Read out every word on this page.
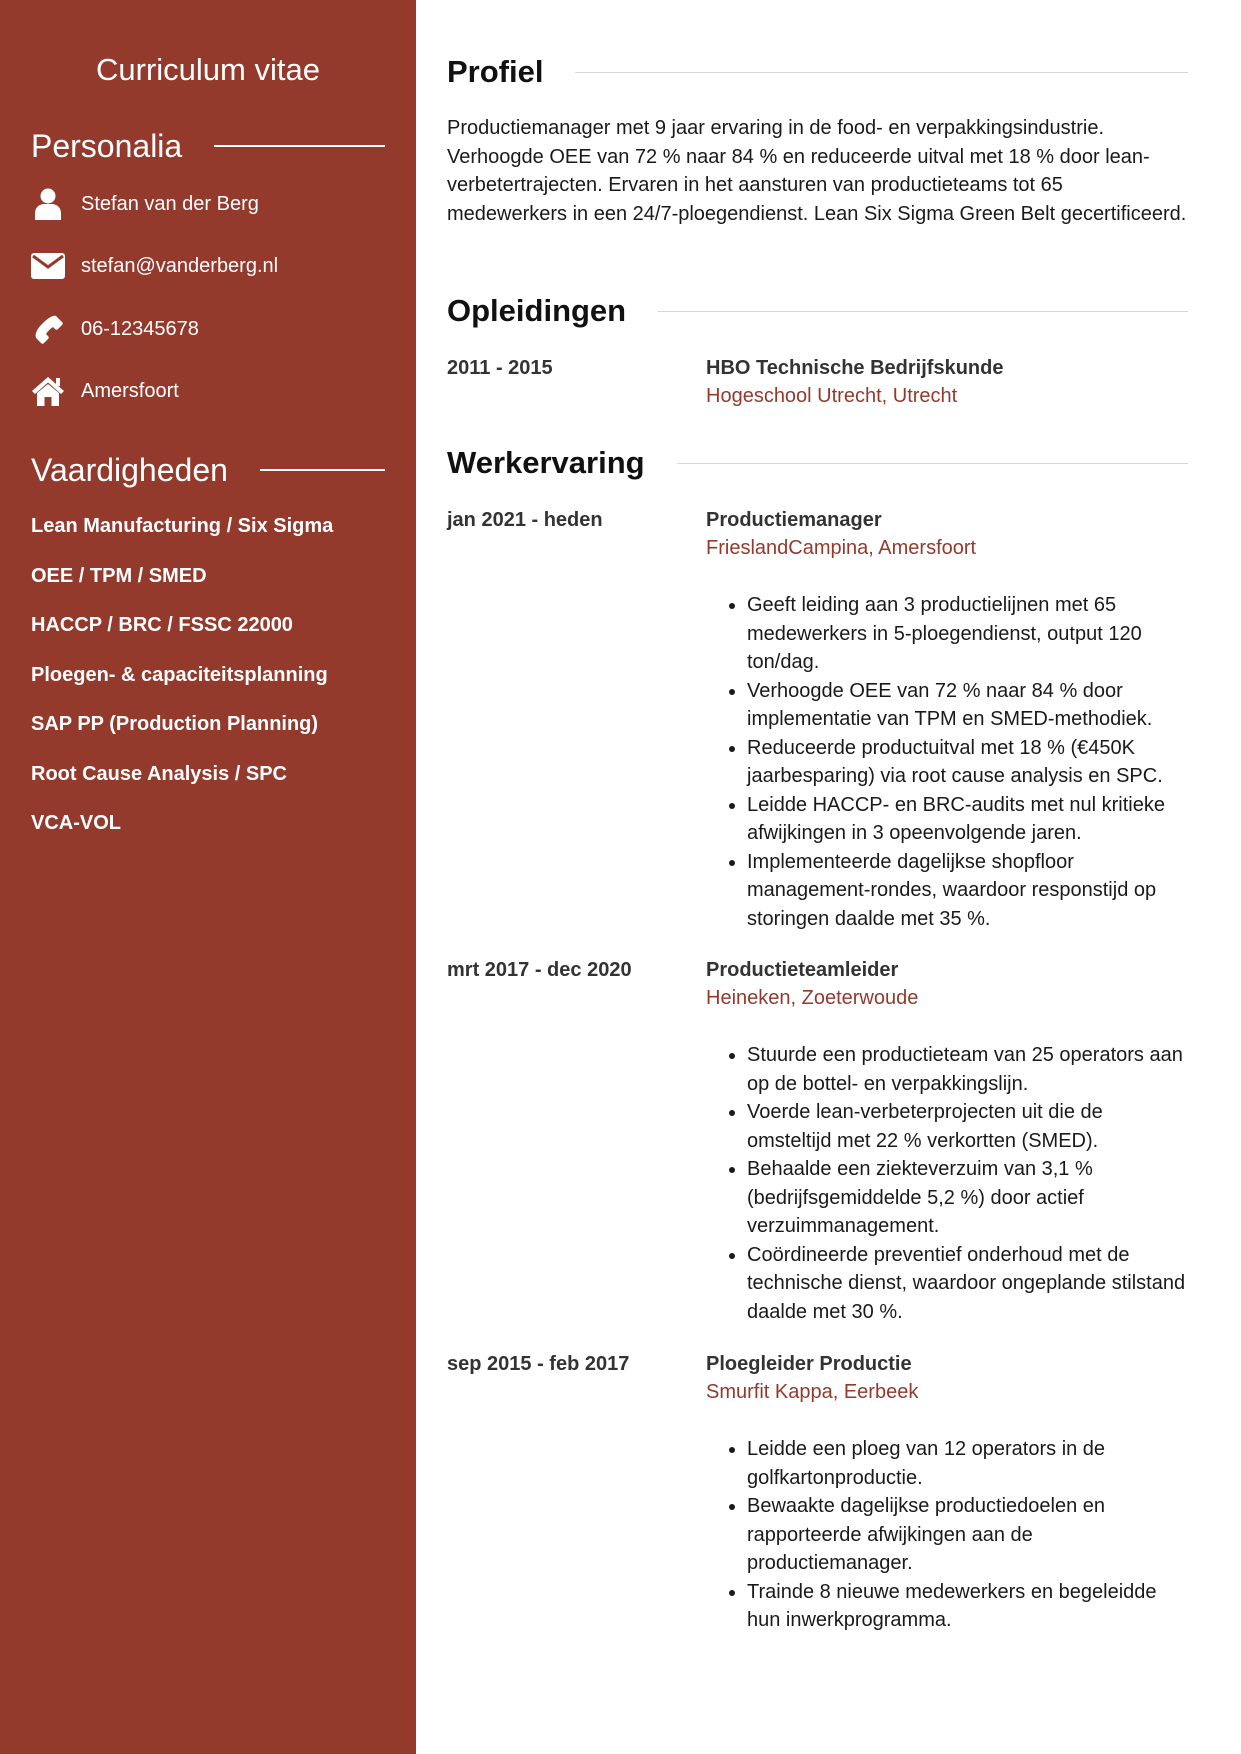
Curriculum vitae
Personalia
Stefan van der Berg
stefan@vanderberg.nl
06-12345678
Amersfoort
Vaardigheden
Lean Manufacturing / Six Sigma
OEE / TPM / SMED
HACCP / BRC / FSSC 22000
Ploegen- & capaciteitsplanning
SAP PP (Production Planning)
Root Cause Analysis / SPC
VCA-VOL
Profiel

Productiemanager met 9 jaar ervaring in de food- en verpakkingsindustrie. Verhoogde OEE van 72 % naar 84 % en reduceerde uitval met 18 % door lean-verbetertrajecten. Ervaren in het aansturen van productieteams tot 65 medewerkers in een 24/7-ploegendienst. Lean Six Sigma Green Belt gecertificeerd.

Opleidingen
2011 - 2015	HBO Technische Bedrijfskunde
Hogeschool Utrecht, Utrecht
Werkervaring
jan 2021 - heden	Productiemanager
FrieslandCampina, Amersfoort
• Geeft leiding aan 3 productielijnen met 65 medewerkers in 5-ploegendienst, output 120 ton/dag.
• Verhoogde OEE van 72 % naar 84 % door implementatie van TPM en SMED-methodiek.
• Reduceerde productuitval met 18 % (€450K jaarbesparing) via root cause analysis en SPC.
• Leidde HACCP- en BRC-audits met nul kritieke afwijkingen in 3 opeenvolgende jaren.
• Implementeerde dagelijkse shopfloor management-rondes, waardoor responstijd op storingen daalde met 35 %.
mrt 2017 - dec 2020	Productieteamleider
Heineken, Zoeterwoude
• Stuurde een productieteam van 25 operators aan op de bottel- en verpakkingslijn.
• Voerde lean-verbeterprojecten uit die de omsteltijd met 22 % verkortten (SMED).
• Behaalde een ziekteverzuim van 3,1 % (bedrijfsgemiddelde 5,2 %) door actief verzuimmanagement.
• Coördineerde preventief onderhoud met de technische dienst, waardoor ongeplande stilstand daalde met 30 %.
sep 2015 - feb 2017	Ploegleider Productie
Smurfit Kappa, Eerbeek
• Leidde een ploeg van 12 operators in de golfkartonproductie.
• Bewaakte dagelijkse productiedoelen en rapporteerde afwijkingen aan de productiemanager.
• Trainde 8 nieuwe medewerkers en begeleidde hun inwerkprogramma.
